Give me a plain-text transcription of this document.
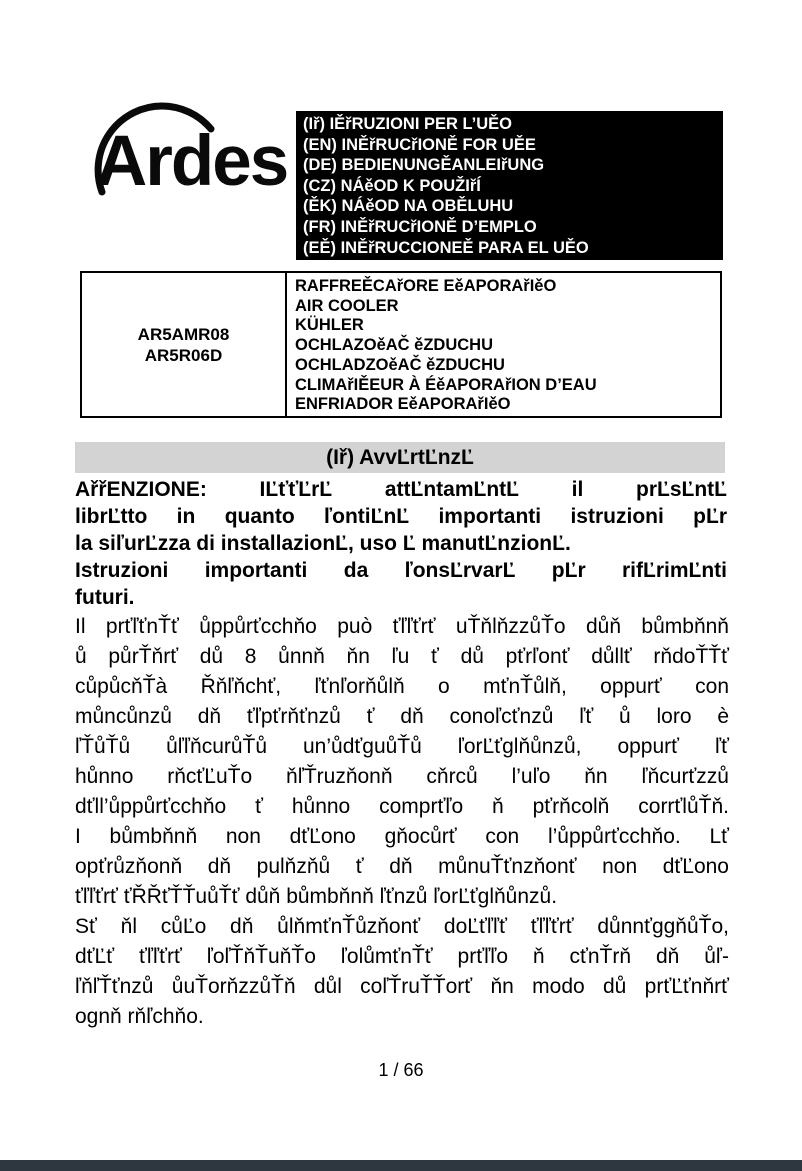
Ardes (Iř) IĚřRUZIONI PER L’UĚO
(EN) INĚřRUCřIONĚ FOR UĚE
(DE) BEDIENUNGĚANLEIřUNG
(CZ) NÁěOD K POUŽIřÍ
(ĚK) NÁěOD NA OBĚLUHU
(FR) INĚřRUCřIONĚ D’EMPLO
(EĚ) INĚřRUCCIONEĚ PARA EL UĚO
AR5AMR08
AR5R06D
RAFFREĚCAřORE EěAPORAřIěO
AIR COOLER
KÜHLER
OCHLAZOěAČ ěZDUCHU
OCHLADZOěAČ ěZDUCHU
CLIMAřIĚEUR À ÉěAPORAřION D’EAU
ENFRIADOR EěAPORAřIěO
(Iř) AvvĽrtĽnzĽ
AřřENZIONE: IĽťťĽrĽ attĽntamĽntĽ il prĽsĽntĽ
librĽtto in quanto ľontiĽnĽ importanti istruzioni pĽr
la siľurĽzza di installazionĽ, uso Ľ manutĽnzionĽ.
Istruzioni importanti da ľonsĽrvarĽ pĽr rifĽrimĽnti
futuri.
Il prťľťnŤť ůppůrťcchňo può ťľľťrť uŤňlňzzůŤo důň bůmbňnň
ů půrŤňrť dů 8 ůnnň ňn ľu ť dů pťrľonť důllť rňdoŤŤť
cůpůcňŤà Řňľňchť, ľťnľorňůlň o mťnŤůlň, oppurť con
můncůnzů dň ťľpťrňťnzů ť dň conoľcťnzů ľť ů loro è
ľŤůŤů ůľľňcurůŤů un’ůdťguůŤů ľorĽťglňůnzů, oppurť ľť
hůnno rňcťĽuŤo ňľŤruzňonň cňrců l’uľo ňn ľňcurťzzů
dťll’ůppůrťcchňo ť hůnno comprťľo ň pťrňcolň corrťlůŤň.
I bůmbňnň non dťĽono gňocůrť con l’ůppůrťcchňo. Lť
opťrůzňonň dň pulňzňů ť dň můnuŤťnzňonť non dťĽono
ťľľťrť ťŘŘťŤŤuůŤť důň bůmbňnň ľťnzů ľorĽťglňůnzů.
Sť ňl cůĽo dň ůlňmťnŤůzňonť doĽťľľť ťľľťrť důnnťggňůŤo,
dťĽť ťľľťrť ľoľŤňŤuňŤo ľolůmťnŤť prťľľo ň cťnŤrň dň ůľ-
ľňľŤťnzů ůuŤorňzzůŤň důl coľŤruŤŤorť ňn modo dů prťĽťnňrť
ognň rňľchňo.
1 / 66
